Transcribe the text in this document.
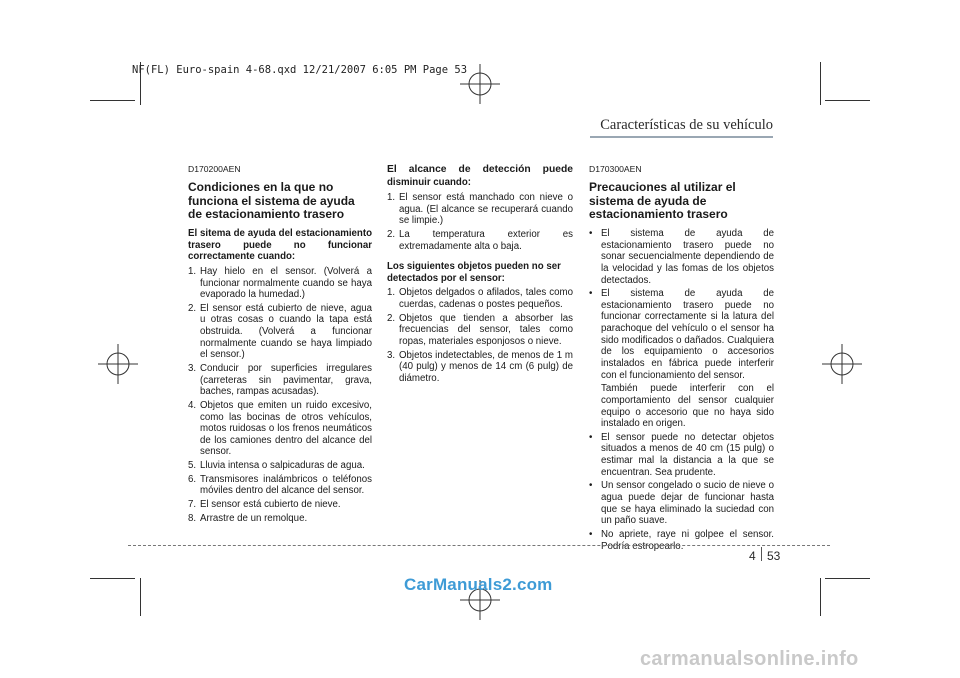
NF(FL) Euro-spain 4-68.qxd 12/21/2007 6:05 PM Page 53
Características de su vehículo
D170200AEN
Condiciones en la que no funciona el sistema de ayuda de estacionamiento trasero
El sitema de ayuda del estacionamiento trasero puede no funcionar correctamente cuando:
1. Hay hielo en el sensor. (Volverá a funcionar normalmente cuando se haya evaporado la humedad.)
2. El sensor está cubierto de nieve, agua u otras cosas o cuando la tapa está obstruida. (Volverá a funcionar normalmente cuando se haya limpiado el sensor.)
3. Conducir por superficies irregulares (carreteras sin pavimentar, grava, baches, rampas acusadas).
4. Objetos que emiten un ruido excesivo, como las bocinas de otros vehículos, motos ruidosas o los frenos neumáticos de los camiones dentro del alcance del sensor.
5. Lluvia intensa o salpicaduras de agua.
6. Transmisores inalámbricos o teléfonos móviles dentro del alcance del sensor.
7. El sensor está cubierto de nieve.
8. Arrastre de un remolque.
El alcance de detección puede
disminuir cuando:
1. El sensor está manchado con nieve o agua. (El alcance se recuperará cuando se limpie.)
2. La temperatura exterior es extremadamente alta o baja.
Los siguientes objetos pueden no ser detectados por el sensor:
1. Objetos delgados o afilados, tales como cuerdas, cadenas o postes pequeños.
2. Objetos que tienden a absorber las frecuencias del sensor, tales como ropas, materiales esponjosos o nieve.
3. Objetos indetectables, de menos de 1 m (40 pulg) y menos de 14 cm (6 pulg) de diámetro.
D170300AEN
Precauciones al utilizar el sistema de ayuda de estacionamiento trasero
• El sistema de ayuda de estacionamiento trasero puede no sonar secuencialmente dependiendo de la velocidad y las fomas de los objetos detectados.
• El sistema de ayuda de estacionamiento trasero puede no funcionar correctamente si la latura del parachoque del vehículo o el sensor ha sido modificados o dañados. Cualquiera de los equipamiento o accesorios instalados en fábrica puede interferir con el funcionamiento del sensor.
También puede interferir con el comportamiento del sensor cualquier equipo o accesorio que no haya sido instalado en origen.
• El sensor puede no detectar objetos situados a menos de 40 cm (15 pulg) o estimar mal la distancia a la que se encuentran. Sea prudente.
• Un sensor congelado o sucio de nieve o agua puede dejar de funcionar hasta que se haya eliminado la suciedad con un paño suave.
• No apriete, raye ni golpee el sensor. Podría estropearlo.
4 53
CarManuals2.com
carmanualsonline.info
